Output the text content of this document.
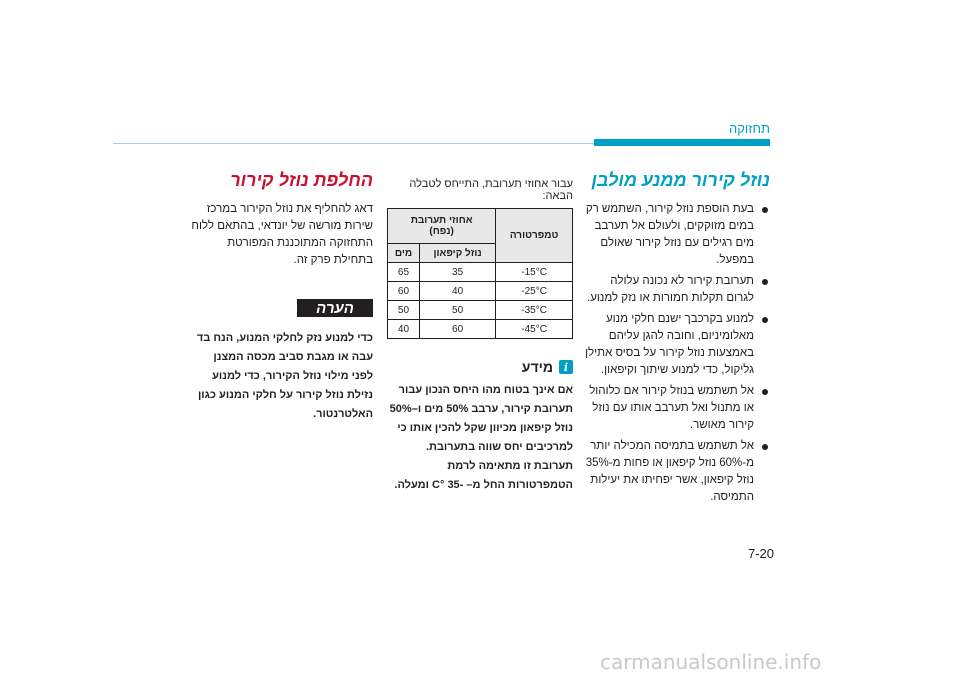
תחזוקה
נוזל קירור ממנע מולבן
בעת הוספת נוזל קירור, השתמש רק במים מזוקקים, ולעולם אל תערבב מים רגילים עם נוזל קירור שאולם במפעל.
תערובת קירור לא נכונה עלולה לגרום תקלות חמורות או נזק למנוע.
למנוע בקרכבך ישנם חלקי מנוע מאלומיניום, וחובה להגן עליהם באמצעות נוזל קירור על בסיס אתילן גליקול, כדי למנוע שיתוך וקיפאון.
אל תשתמש בנוזל קירור אם כלוהול או מתנול ואל תערבב אותו עם נוזל קירור מאושר.
אל תשתמש בתמיסה המכילה יותר מ-60% נוזל קיפאון או פחות מ-35% נוזל קיפאון, אשר יפחיתו את יעילות התמיסה.
עבור אחוזי תערובת, התייחס לטבלה הבאה:
טמפרטורה	אחוזי תערובת
(נפח)	
	נוזל קיפאון	מים
-15°C	35	65
-25°C	40	60
-35°C	50	50
-45°C	60	40
i
מידע
אם אינך בטוח מהו היחס הנכון עבור תערובת קירור, ערבב 50% מים ו–50% נוזל קיפאון מכיוון שקל להכין אותו כי למרכיבים יחס שווה בתערובת. תערובת זו מתאימה לרמת הטמפרטורות החל מ– -35 °C ומעלה.
החלפת נוזל קירור
דאג להחליף את נוזל הקירור במרכז שירות מורשה של יונדאי, בהתאם ללוח התחזוקה המתוכננת המפורטת בתחילת פרק זה.
הערה
כדי למנוע נזק לחלקי המנוע, הנח בד עבה או מגבת סביב מכסה המצנן לפני מילוי נוזל הקירור, כדי למנוע נזילת נוזל קירור על חלקי המנוע כגון האלטרנטור.
7-20
carmanualsonline.info
